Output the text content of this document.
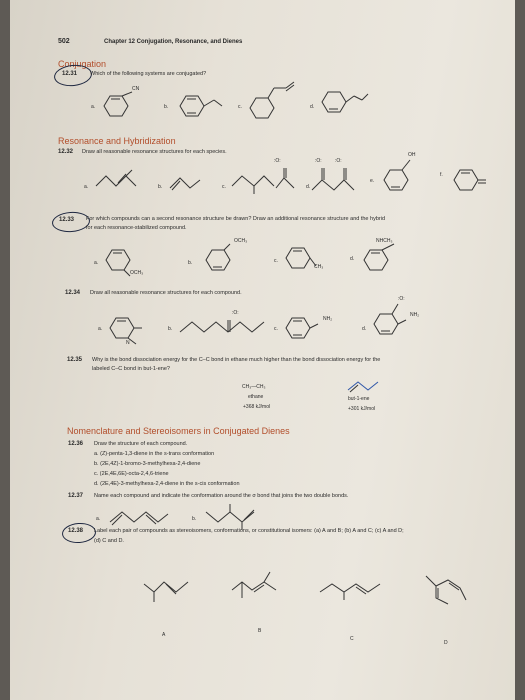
502	Chapter 12 Conjugation, Resonance, and Dienes
Conjugation
12.31 Which of the following systems are conjugated?
a.
CN
b.	c.	d.
Resonance and Hybridization
12.32 Draw all reasonable resonance structures for each species.
a.	b.	c.
:O:
d.
:O:	:O:
e.
OH
f.
12.33 For which compounds can a second resonance structure be drawn? Draw an additional resonance structure and the hybrid
for each resonance-stabilized compound.
a.
OCH₃
b.
OCH₃
c.
CH₃
d.
NHCH₃
12.34 Draw all reasonable resonance structures for each compound.
a.
N
b.
:O:
c.
NH₂
d.
:O:
NH₂
12.35 Why is the bond dissociation energy for the C–C bond in ethane much higher than the bond dissociation energy for the
labeled C–C bond in but-1-ene?
CH₃—CH₃
ethane
+368 kJ/mol
but-1-ene
+301 kJ/mol
Nomenclature and Stereoisomers in Conjugated Dienes
12.36 Draw the structure of each compound.
a. (Z)-penta-1,3-diene in the s-trans conformation
b. (2E,4Z)-1-bromo-3-methylhexa-2,4-diene
c. (2E,4E,6E)-octa-2,4,6-triene
d. (2E,4E)-3-methylhexa-2,4-diene in the s-cis conformation
12.37 Name each compound and indicate the conformation around the σ bond that joins the two double bonds.
a.	b.
12.38 Label each pair of compounds as stereoisomers, conformations, or constitutional isomers: (a) A and B; (b) A and C; (c) A and D;
(d) C and D.
A
B
C
D
